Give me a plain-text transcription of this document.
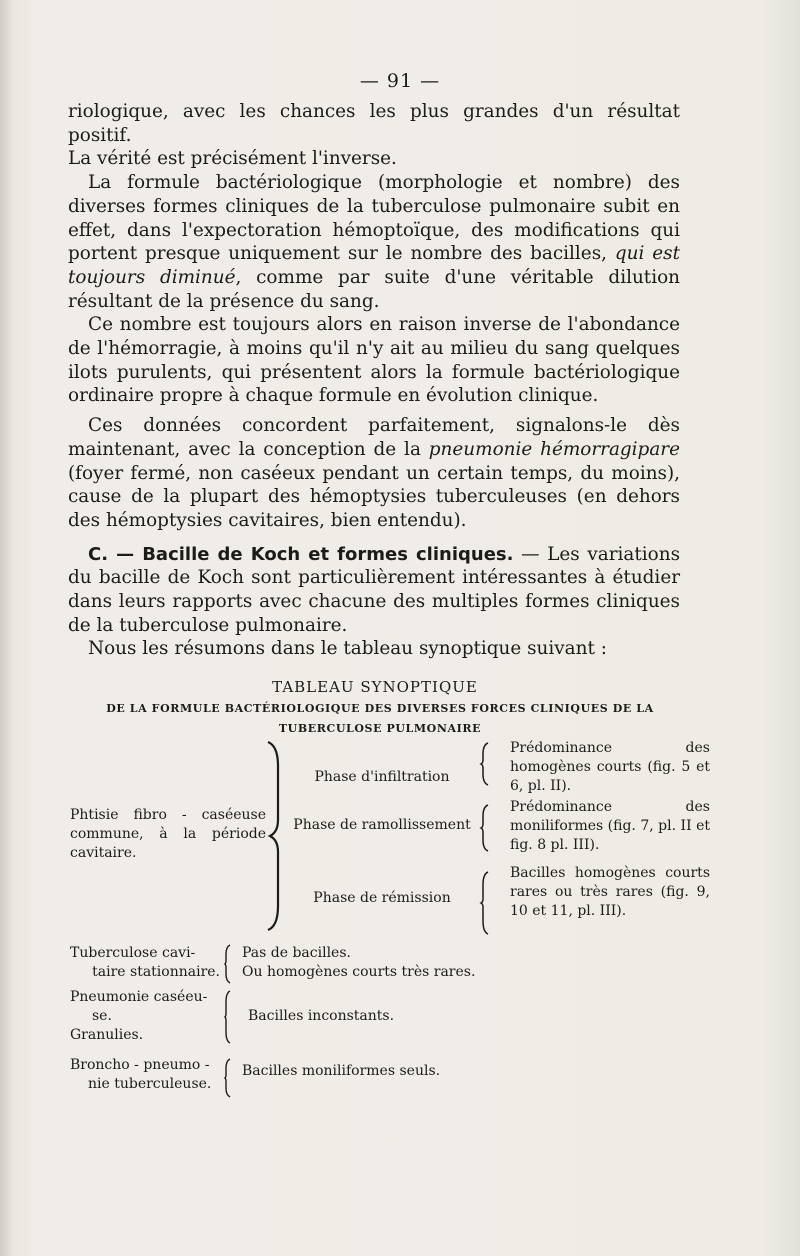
— 91 —

riologique, avec les chances les plus grandes d'un résultat positif.

La vérité est précisément l'inverse.

La formule bactériologique (morphologie et nombre) des diverses formes cliniques de la tuberculose pulmonaire subit en effet, dans l'expectoration hémoptoïque, des modifications qui portent presque uniquement sur le nombre des bacilles, qui est toujours diminué, comme par suite d'une véritable dilution résultant de la présence du sang.

Ce nombre est toujours alors en raison inverse de l'abondance de l'hémorragie, à moins qu'il n'y ait au milieu du sang quelques ilots purulents, qui présentent alors la formule bactériologique ordinaire propre à chaque formule en évolution clinique.

Ces données concordent parfaitement, signalons-le dès maintenant, avec la conception de la pneumonie hémorragipare (foyer fermé, non caséeux pendant un certain temps, du moins), cause de la plupart des hémoptysies tuberculeuses (en dehors des hémoptysies cavitaires, bien entendu).

C. — Bacille de Koch et formes cliniques. — Les variations du bacille de Koch sont particulièrement intéressantes à étudier dans leurs rapports avec chacune des multiples formes cliniques de la tuberculose pulmonaire.

Nous les résumons dans le tableau synoptique suivant :

TABLEAU SYNOPTIQUE
DE LA FORMULE BACTÉRIOLOGIQUE DES DIVERSES FORCES CLINIQUES DE LA
TUBERCULOSE PULMONAIRE
Phtisie fibro - caséeuse commune, à la période cavitaire.
Phase d'infiltration
Phase de ramollissement
Phase de rémission
Prédominance des homogènes courts (fig. 5 et 6, pl. II).
Prédominance des moniliformes (fig. 7, pl. II et fig. 8 pl. III).
Bacilles homogènes courts rares ou très rares (fig. 9, 10 et 11, pl. III).
Tuberculose cavi-
taire stationnaire.
Pas de bacilles.
Ou homogènes courts très rares.
Pneumonie caséeu-
se.
Granulies.
Bacilles inconstants.
Broncho - pneumo -
nie tuberculeuse.
Bacilles moniliformes seuls.
